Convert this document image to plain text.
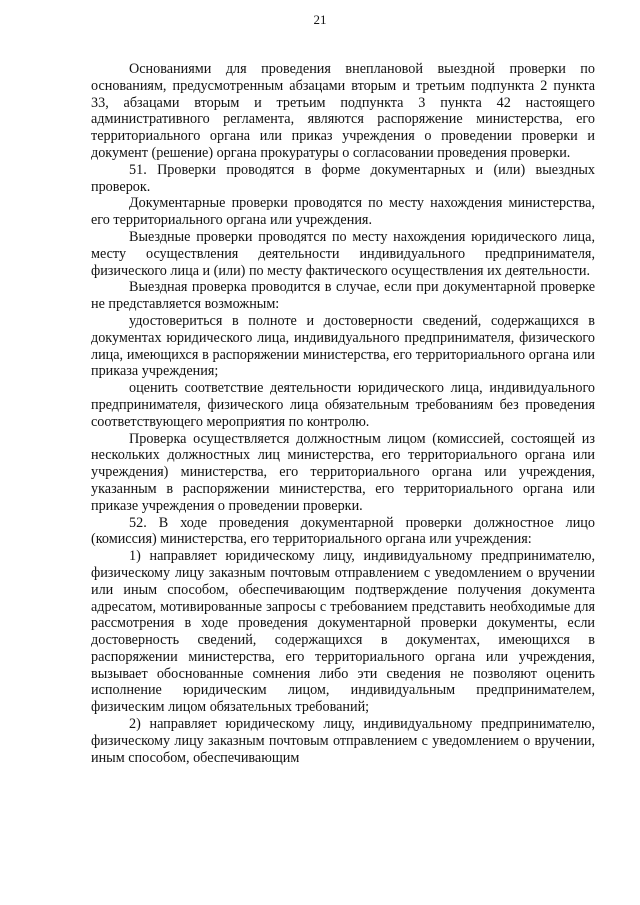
21

Основаниями для проведения внеплановой выездной проверки по основаниям, предусмотренным абзацами вторым и третьим подпункта 2 пункта 33, абзацами вторым и третьим подпункта 3 пункта 42 настоящего административного регламента, являются распоряжение министерства, его территориального органа или приказ учреждения о проведении проверки и документ (решение) органа прокуратуры о согласовании проведения проверки.

51. Проверки проводятся в форме документарных и (или) выездных проверок.

Документарные проверки проводятся по месту нахождения министерства, его территориального органа или учреждения.

Выездные проверки проводятся по месту нахождения юридического лица, месту осуществления деятельности индивидуального предпринимателя, физического лица и (или) по месту фактического осуществления их деятельности.

Выездная проверка проводится в случае, если при документарной проверке не представляется возможным:

удостовериться в полноте и достоверности сведений, содержащихся в документах юридического лица, индивидуального предпринимателя, физического лица, имеющихся в распоряжении министерства, его территориального органа или приказа учреждения;

оценить соответствие деятельности юридического лица, индивидуального предпринимателя, физического лица обязательным требованиям без проведения соответствующего мероприятия по контролю.

Проверка осуществляется должностным лицом (комиссией, состоящей из нескольких должностных лиц министерства, его территориального органа или учреждения) министерства, его территориального органа или учреждения, указанным в распоряжении министерства, его территориального органа или приказе учреждения о проведении проверки.

52. В ходе проведения документарной проверки должностное лицо (комиссия) министерства, его территориального органа или учреждения:

1) направляет юридическому лицу, индивидуальному предпринимателю, физическому лицу заказным почтовым отправлением с уведомлением о вручении или иным способом, обеспечивающим подтверждение получения документа адресатом, мотивированные запросы с требованием представить необходимые для рассмотрения в ходе проведения документарной проверки документы, если достоверность сведений, содержащихся в документах, имеющихся в распоряжении министерства, его территориального органа или учреждения, вызывает обоснованные сомнения либо эти сведения не позволяют оценить исполнение юридическим лицом, индивидуальным предпринимателем, физическим лицом обязательных требований;

2) направляет юридическому лицу, индивидуальному предпринимателю, физическому лицу заказным почтовым отправлением с уведомлением о вручении, иным способом, обеспечивающим
